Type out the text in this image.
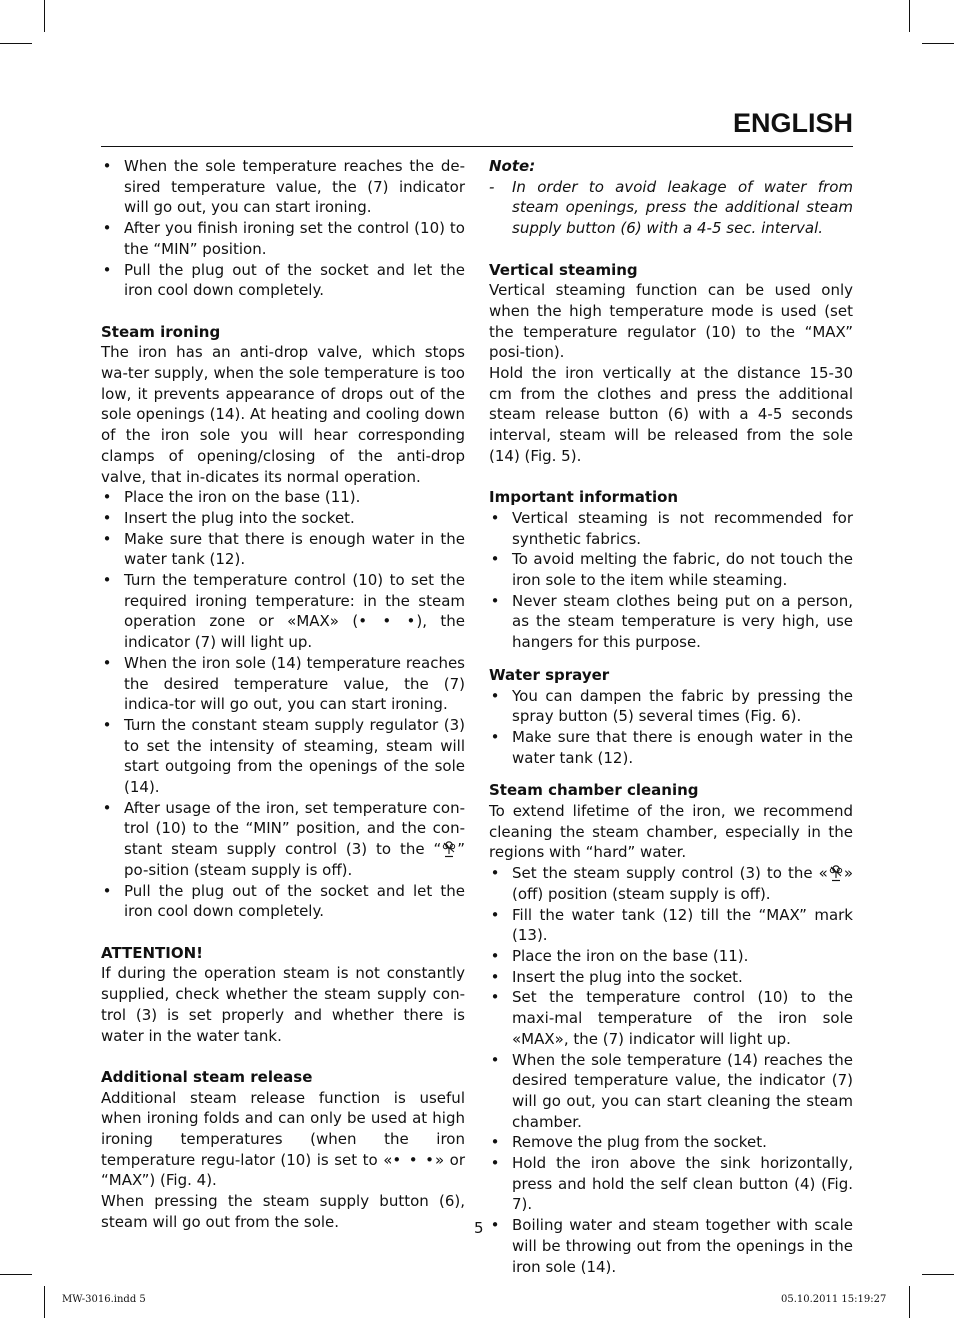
ENGLISH
• When the sole temperature reaches the de-sired temperature value, the (7) indicator will go out, you can start ironing.
• After you finish ironing set the control (10) to the “MIN” position.
• Pull the plug out of the socket and let the iron cool down completely.

Steam ironing

The iron has an anti-drop valve, which stops wa-ter supply, when the sole temperature is too low, it prevents appearance of drops out of the sole openings (14). At heating and cooling down of the iron sole you will hear corresponding clamps of opening/closing of the anti-drop valve, that in-dicates its normal operation.

• Place the iron on the base (11).
• Insert the plug into the socket.
• Make sure that there is enough water in the water tank (12).
• Turn the temperature control (10) to set the required ironing temperature: in the steam operation zone or «MAX» (• • •), the indicator (7) will light up.
• When the iron sole (14) temperature reaches the desired temperature value, the (7) indica-tor will go out, you can start ironing.
• Turn the constant steam supply regulator (3) to set the intensity of steaming, steam will start outgoing from the openings of the sole (14).
• After usage of the iron, set temperature con-trol (10) to the “MIN” position, and the con-stant steam supply control (3) to the “ ” po-sition (steam supply is off).
• Pull the plug out of the socket and let the iron cool down completely.

ATTENTION!

If during the operation steam is not constantly supplied, check whether the steam supply con-trol (3) is set properly and whether there is water in the water tank.

Additional steam release

Additional steam release function is useful when ironing folds and can only be used at high ironing temperatures (when the iron temperature regu-lator (10) is set to «• • •» or “MAX”) (Fig. 4).

When pressing the steam supply button (6), steam will go out from the sole.

Note:

- In order to avoid leakage of water from steam openings, press the additional steam supply button (6) with a 4-5 sec. interval.

Vertical steaming

Vertical steaming function can be used only when the high temperature mode is used (set the temperature regulator (10) to the “MAX” posi-tion).

Hold the iron vertically at the distance 15-30 cm from the clothes and press the additional steam release button (6) with a 4-5 seconds interval, steam will be released from the sole (14) (Fig. 5).

Important information

• Vertical steaming is not recommended for synthetic fabrics.
• To avoid melting the fabric, do not touch the iron sole to the item while steaming.
• Never steam clothes being put on a person, as the steam temperature is very high, use hangers for this purpose.

Water sprayer

• You can dampen the fabric by pressing the spray button (5) several times (Fig. 6).
• Make sure that there is enough water in the water tank (12).

Steam chamber cleaning

To extend lifetime of the iron, we recommend cleaning the steam chamber, especially in the regions with “hard” water.

• Set the steam supply control (3) to the « » (off) position (steam supply is off).
• Fill the water tank (12) till the “MAX” mark (13).
• Place the iron on the base (11).
• Insert the plug into the socket.
• Set the temperature control (10) to the maxi-mal temperature of the iron sole «MAX», the (7) indicator will light up.
• When the sole temperature (14) reaches the desired temperature value, the indicator (7) will go out, you can start cleaning the steam chamber.
• Remove the plug from the socket.
• Hold the iron above the sink horizontally, press and hold the self clean button (4) (Fig. 7).
• Boiling water and steam together with scale will be throwing out from the openings in the iron sole (14).
5
MW-3016.indd 5	05.10.2011 15:19:27
